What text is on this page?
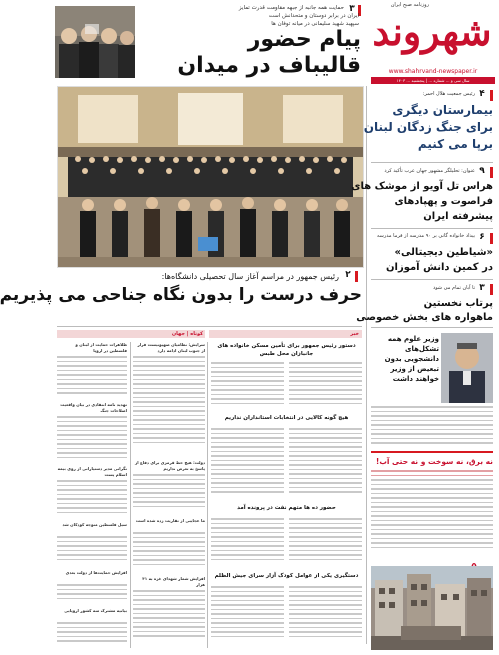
۳
حمایت همه جانبه از جبهه مقاومت قدرت تمایز
ایران در برابر دوستان و متحدانش است
سپهبد شهید سلیمانی در میانه توفان ها
پیام حضور
قالیباف در میدان
شهروند
روزنامه صبح ایران
www.shahrvand-newspaper.ir
سال سی و ... شماره ... | پنجشنبه ... ۱۴۰۳
رئیس جمهور در مراسم آغاز سال تحصیلی دانشگاه‌ها: ۲
حرف درست را بدون نگاه جناحی می پذیریم
۴
رئیس جمعیت هلال احمر:
بیمارستان دیگری
برای جنگ زدگان لبنان
برپا می کنیم
۹
عنوان: تحلیلگر مشهور جهان عرب تأکید کرد
هراس تل آویو از موشک های
فراصوت و پهپادهای
پیشرفته ایران
۶
بیداد خانواده گانی بر ۹۰ مدرسه از فرما مدرسه
«شیاطین دیجیتالی»
در کمین دانش آموزان
۳
تا آبان تمام می شود
پرتاب نخستین
ماهواره های بخش خصوصی
وزیر علوم همه
تشکل‌های
دانشجویی بدون
تبعیض از وزیر
خواهند داشت
نه برق، نه سوخت و نه حتی آب!
کوتاه | جهان	خبر
ظلاهرات حمایت از لبنان و فلسطین در اروپا
تهدید نامه انتقادی در بیان واقعیت اصلاحات جنگ
نگرانی مدیر دستیارانی از روی بیمه اسلام پست
سیل فلسطین متوجه کودکان شد
افزایش حمایت‌ها از دولت بعدی
بیانیه مشترک سه کشور اروپایی
سرایش: نظامیان صهیونیست فرار از جنوب لبنان ادامه دارد
دولت: هیچ خط قرمزی برای دفاع از پاسخ به تعرض نداریم
ما عجایبی از تقاربت زده شده است
افزایش شمار شهدای غزه به ۴۱ هزار
دستور رئیس جمهور برای تأمین مسکن خانواده های جانبازان محل طبس
هیچ گونه کالایی در انتخابات استانداران نداریم
حضور ده ها متهم نفت در پرونده آمد
دستگیری یکی از عوامل کودک آزار سرای جیش الظلم
